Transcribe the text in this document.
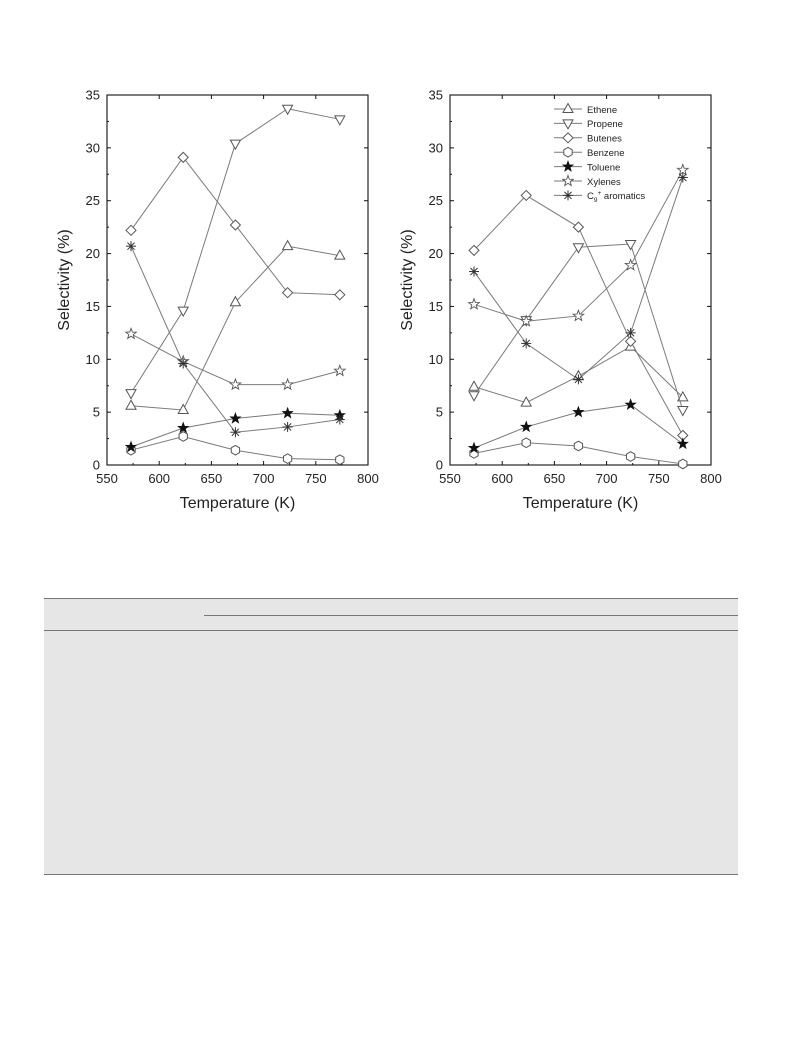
550 600 650 700 750 800
0
5
10
15
20
25
30
35
Temperature (K)
Selectivity (%)
550 600 650 700 750 800
0
5
10
15
20
25
30
35
Temperature (K)
Selectivity (%)
Ethene
Propene
Butenes
Benzene
Toluene
Xylenes
$C_9^+$ aromatics
